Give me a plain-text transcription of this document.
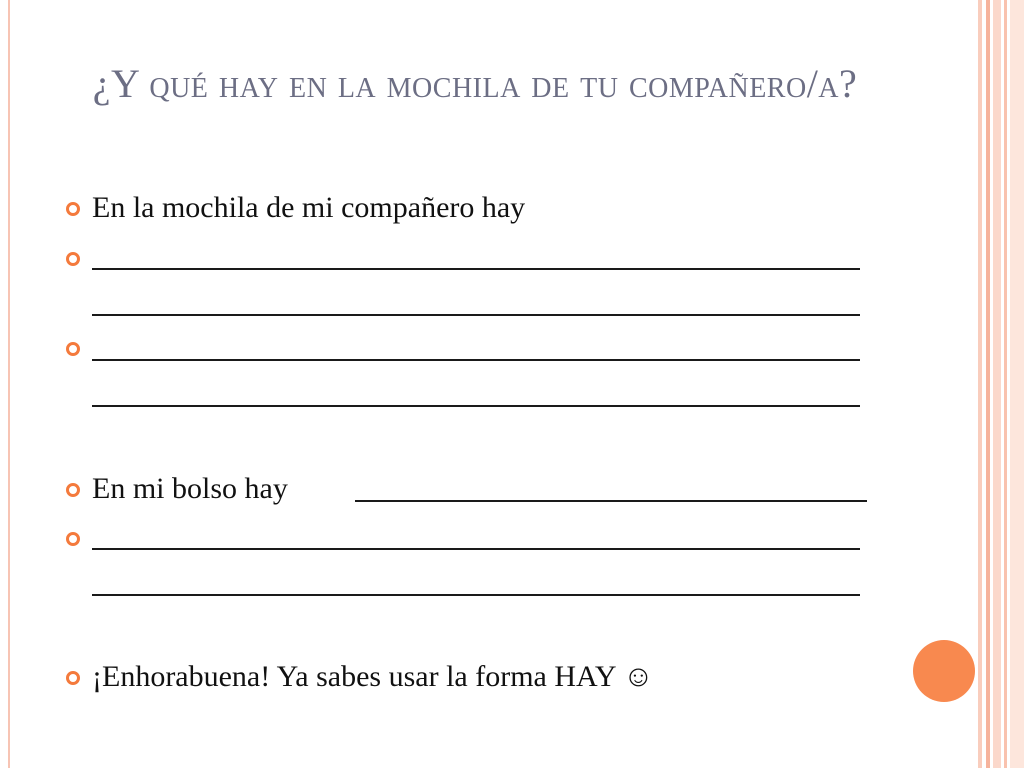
¿Y qué hay en la mochila de tu compañero/a?
En la mochila de mi compañero hay
En mi bolso hay
¡Enhorabuena! Ya sabes usar la forma HAY ☺
